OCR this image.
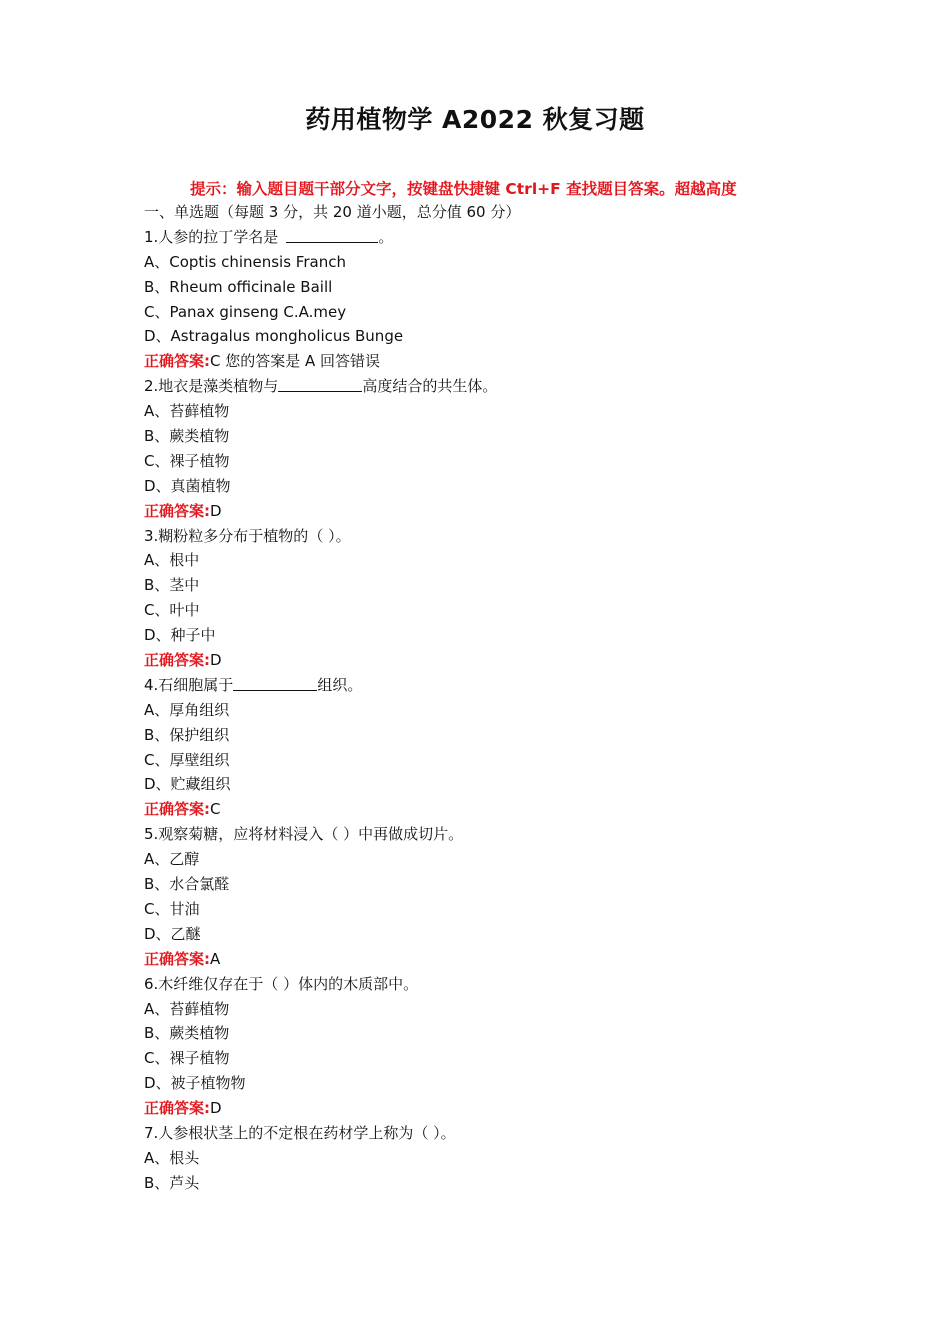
药用植物学 A2022 秋复习题
提示：输入题目题干部分文字，按键盘快捷键 Ctrl+F 查找题目答案。超越高度
一、单选题（每题 3 分，共 20 道小题，总分值 60 分）
1.人参的拉丁学名是	。
A、Coptis chinensis Franch
B、Rheum officinale Baill
C、Panax ginseng C.A.mey
D、Astragalus mongholicus Bunge
正确答案:C 您的答案是 A 回答错误
2.地衣是藻类植物与	高度结合的共生体。
A、苔藓植物
B、蕨类植物
C、裸子植物
D、真菌植物
正确答案:D
3.糊粉粒多分布于植物的（ ）。
A、根中
B、茎中
C、叶中
D、种子中
正确答案:D
4.石细胞属于	组织。
A、厚角组织
B、保护组织
C、厚壁组织
D、贮藏组织
正确答案:C
5.观察菊糖，应将材料浸入（ ）中再做成切片。
A、乙醇
B、水合氯醛
C、甘油
D、乙醚
正确答案:A
6.木纤维仅存在于（ ）体内的木质部中。
A、苔藓植物
B、蕨类植物
C、裸子植物
D、被子植物物
正确答案:D
7.人参根状茎上的不定根在药材学上称为（ ）。
A、根头
B、芦头
